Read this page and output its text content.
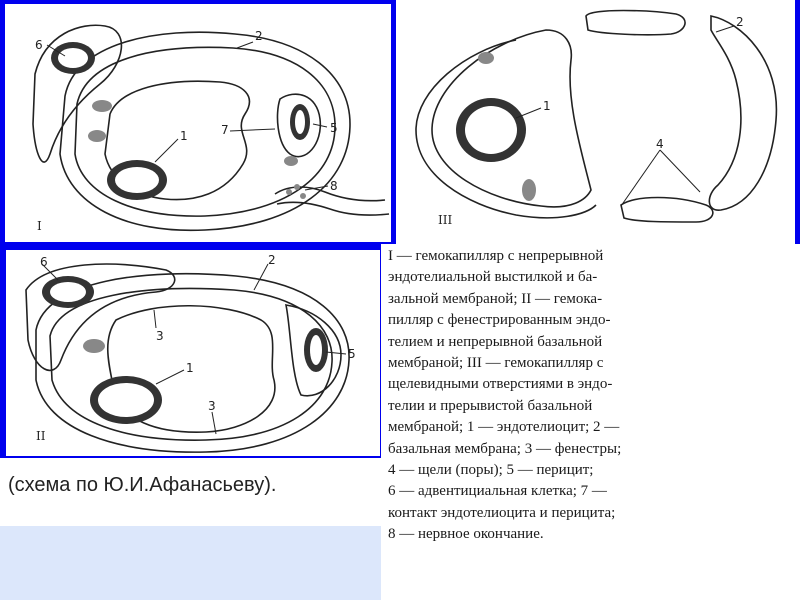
6
2
1	7	5
8
I
2
1
4
III
6	2
3
1
3
5
II

I — гемокапилляр с непрерывной
эндотелиальной выстилкой и ба-
зальной мембраной; II — гемока-
пилляр с фенестрированным эндо-
телием и непрерывной базальной
мембраной; III — гемокапилляр с
щелевидными отверстиями в эндо-
телии и прерывистой базальной
мембраной; 1 — эндотелиоцит; 2 —
базальная мембрана; 3 — фенестры;
4 — щели (поры); 5 — перицит;
6 — адвентициальная клетка; 7 —
контакт эндотелиоцита и перицита;
8 — нервное окончание.

(схема по Ю.И.Афанасьеву).
